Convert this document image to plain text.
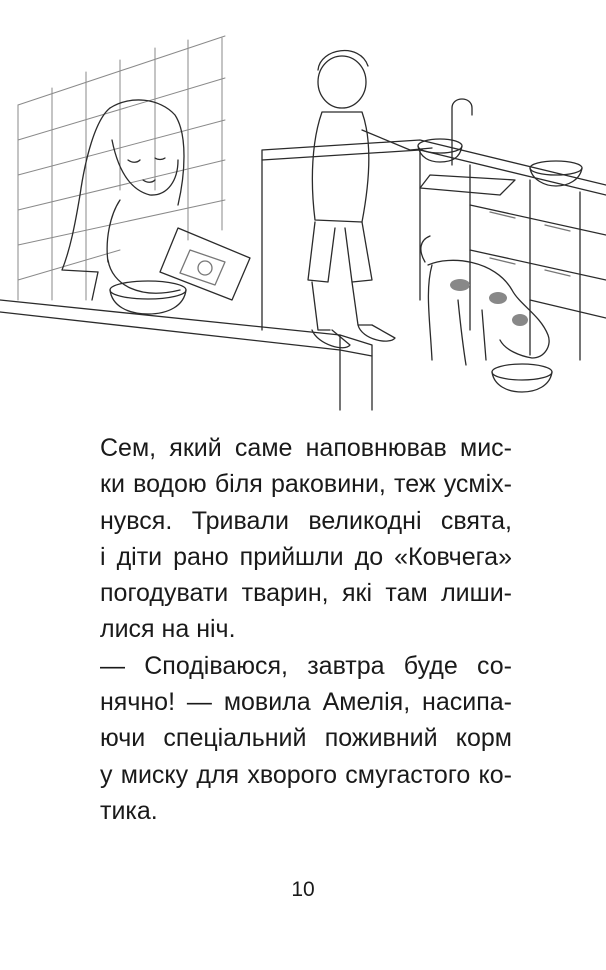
Сем, який саме наповнював мис-
ки водою біля раковини, теж усміх-
нувся. Тривали великодні свята,
і діти рано прийшли до «Ковчега»
погодувати тварин, які там лиши-
лися на ніч.
— Сподіваюся, завтра буде со-
нячно! — мовила Амелія, насипа-
ючи спеціальний поживний корм
у миску для хворого смугастого ко-
тика.
10
